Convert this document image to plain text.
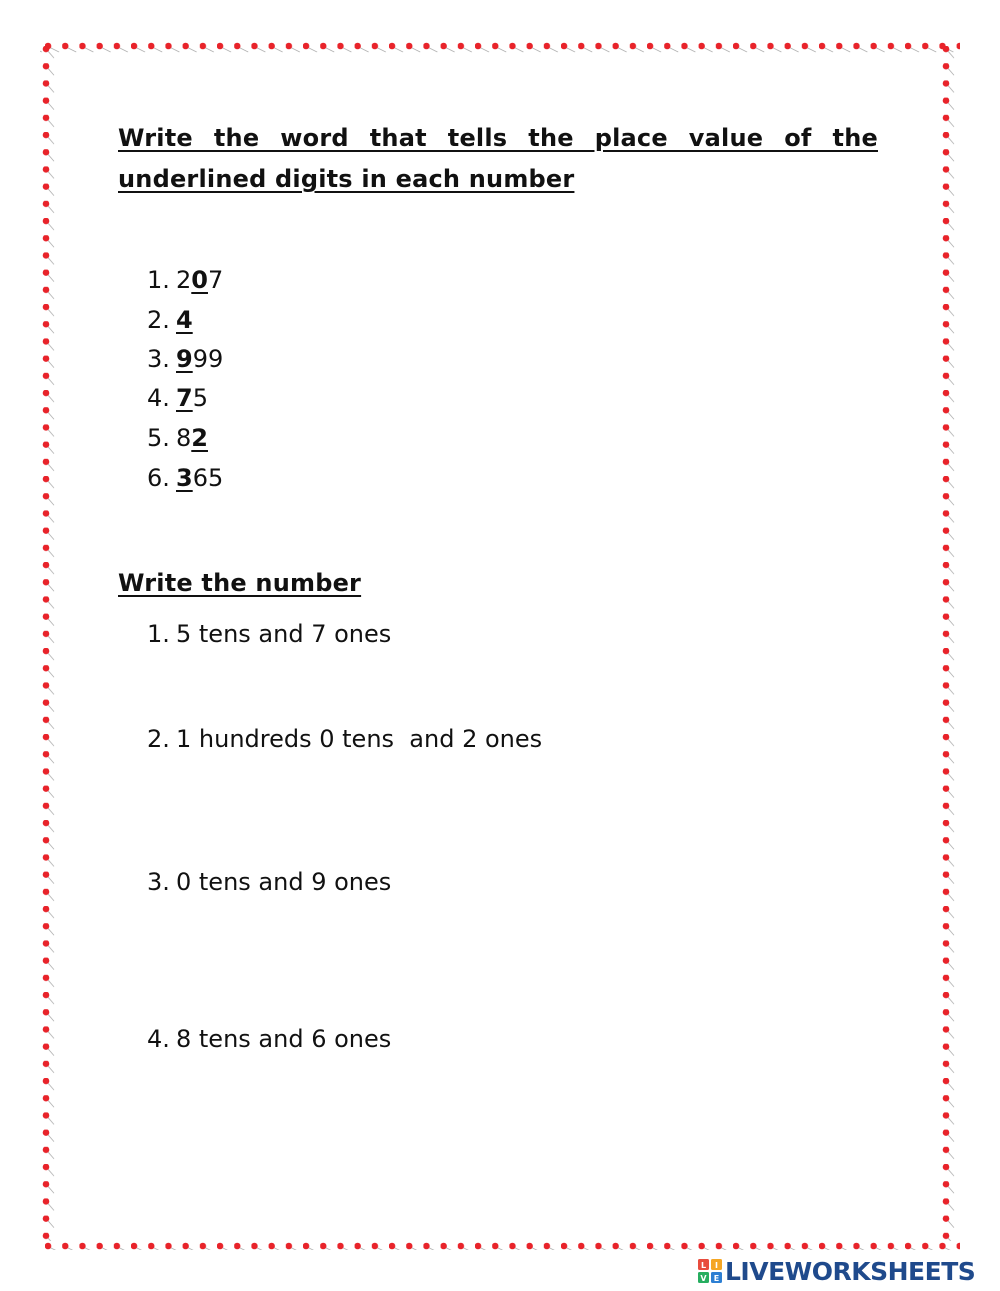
Write the word that tells the place value of the underlined digits in each number
1. 207
2. 4
3. 999
4. 75
5. 82
6. 365
Write the number
1. 5 tens and 7 ones
2. 1 hundreds 0 tens  and 2 ones
3. 0 tens and 9 ones
4. 8 tens and 6 ones
L I
V E LIVEWORKSHEETS
